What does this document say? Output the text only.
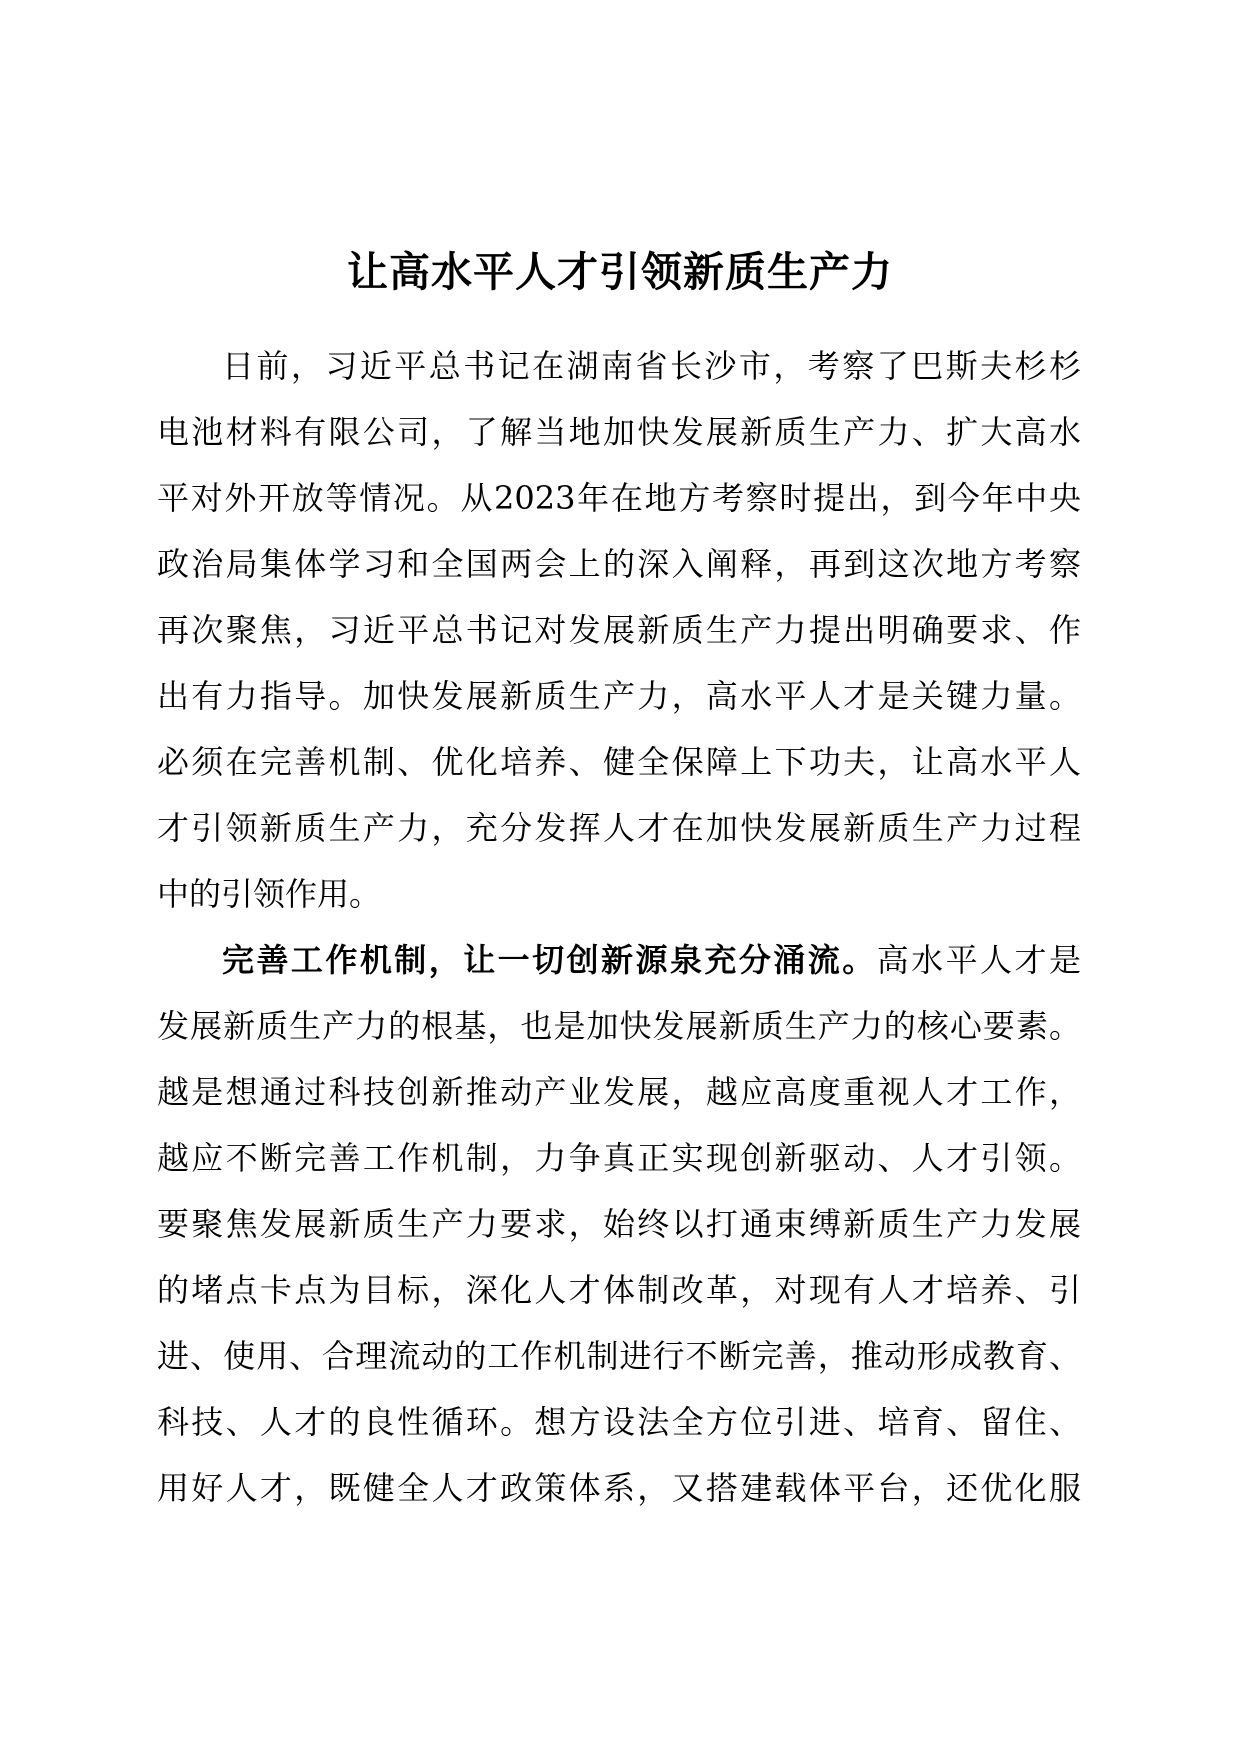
让高水平人才引领新质生产力
日前，习近平总书记在湖南省长沙市，考察了巴斯夫杉杉
电池材料有限公司，了解当地加快发展新质生产力、扩大高水
平对外开放等情况。从2023年在地方考察时提出，到今年中央
政治局集体学习和全国两会上的深入阐释，再到这次地方考察
再次聚焦，习近平总书记对发展新质生产力提出明确要求、作
出有力指导。加快发展新质生产力，高水平人才是关键力量。
必须在完善机制、优化培养、健全保障上下功夫，让高水平人
才引领新质生产力，充分发挥人才在加快发展新质生产力过程
中的引领作用。
完善工作机制，让一切创新源泉充分涌流。高水平人才是
发展新质生产力的根基，也是加快发展新质生产力的核心要素。
越是想通过科技创新推动产业发展，越应高度重视人才工作，
越应不断完善工作机制，力争真正实现创新驱动、人才引领。
要聚焦发展新质生产力要求，始终以打通束缚新质生产力发展
的堵点卡点为目标，深化人才体制改革，对现有人才培养、引
进、使用、合理流动的工作机制进行不断完善，推动形成教育、
科技、人才的良性循环。想方设法全方位引进、培育、留住、
用好人才，既健全人才政策体系，又搭建载体平台，还优化服
